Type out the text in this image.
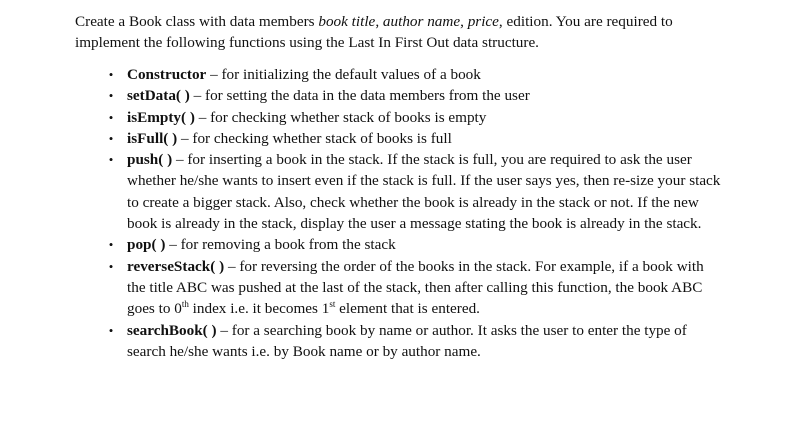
Create a Book class with data members book title, author name, price, edition. You are required to implement the following functions using the Last In First Out data structure.

• Constructor – for initializing the default values of a book
• setData( ) – for setting the data in the data members from the user
• isEmpty( ) – for checking whether stack of books is empty
• isFull( ) – for checking whether stack of books is full
• push( ) – for inserting a book in the stack. If the stack is full, you are required to ask the user whether he/she wants to insert even if the stack is full. If the user says yes, then re-size your stack to create a bigger stack. Also, check whether the book is already in the stack or not. If the new book is already in the stack, display the user a message stating the book is already in the stack.
• pop( ) – for removing a book from the stack
• reverseStack( ) – for reversing the order of the books in the stack. For example, if a book with the title ABC was pushed at the last of the stack, then after calling this function, the book ABC goes to 0th index i.e. it becomes 1st element that is entered.
• searchBook( ) – for a searching book by name or author. It asks the user to enter the type of search he/she wants i.e. by Book name or by author name.
